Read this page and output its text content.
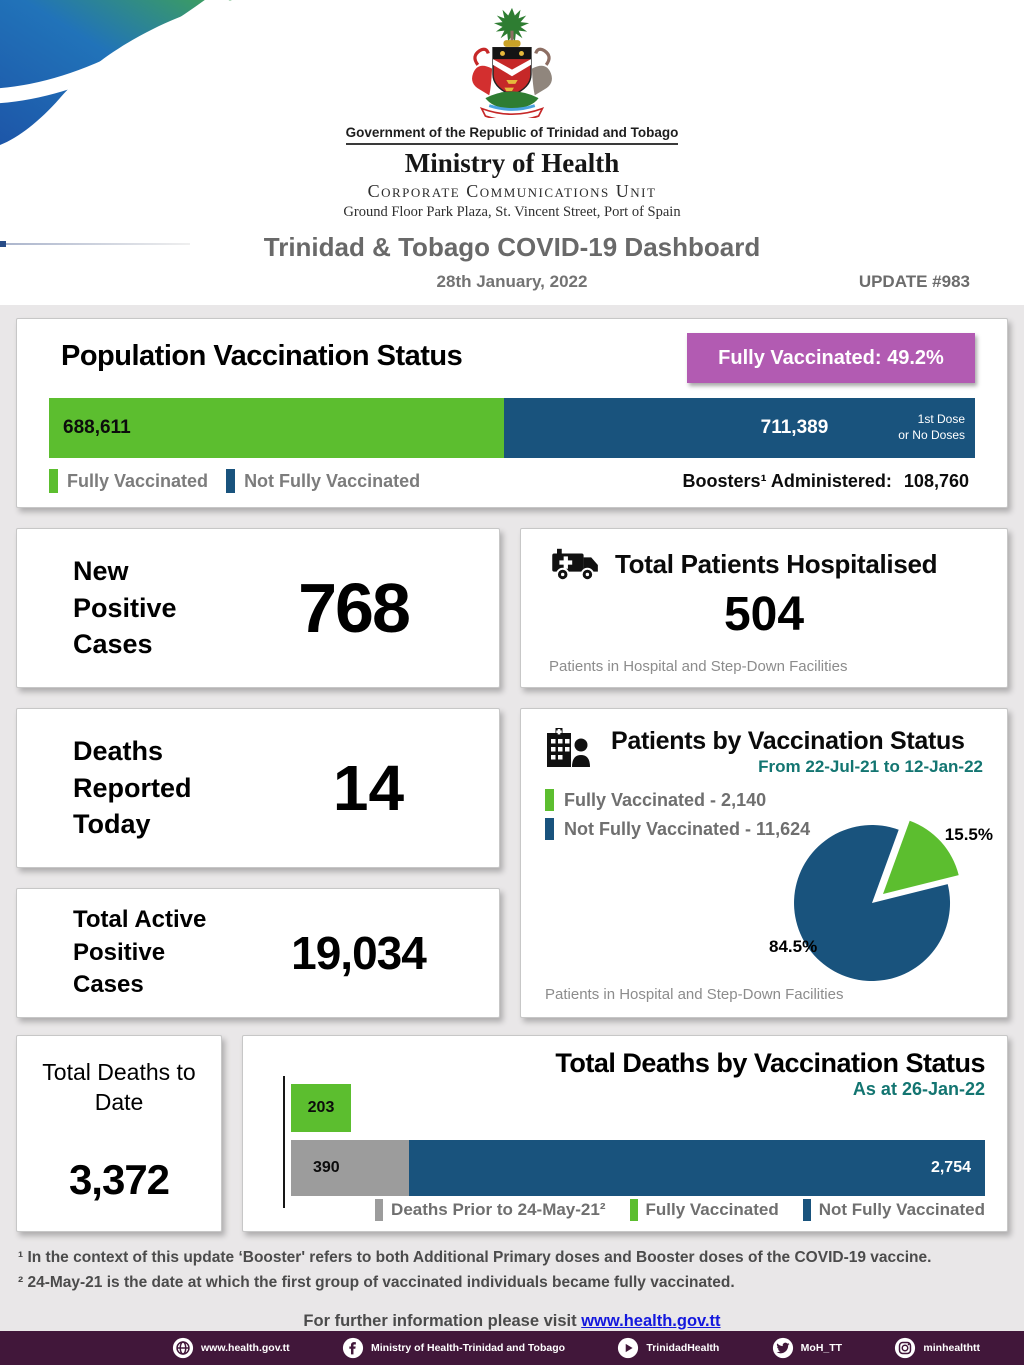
Government of the Republic of Trinidad and Tobago
Ministry of Health
Corporate Communications Unit
Ground Floor Park Plaza, St. Vincent Street, Port of Spain
Trinidad & Tobago COVID-19 Dashboard
28th January, 2022	UPDATE #983
Population Vaccination Status	Fully Vaccinated: 49.2%
688,611	711,389	1st Dose
or No Doses
Fully Vaccinated Not Fully Vaccinated	Boosters¹ Administered: 108,760
New Positive Cases	768
Total Patients Hospitalised
504
Patients in Hospital and Step-Down Facilities
Deaths Reported Today
14
Total Active Positive Cases
19,034
Patients by Vaccination Status
From 22-Jul-21 to 12-Jan-22
Fully Vaccinated - 2,140
Not Fully Vaccinated - 11,624	15.5%
84.5%
Patients in Hospital and Step-Down Facilities
Total Deaths to Date
3,372
Total Deaths by Vaccination Status
As at 26-Jan-22
203
390	2,754
Deaths Prior to 24-May-21² Fully Vaccinated Not Fully Vaccinated
¹ In the context of this update ‘Booster' refers to both Additional Primary doses and Booster doses of the COVID-19 vaccine.
² 24-May-21 is the date at which the first group of vaccinated individuals became fully vaccinated.
For further information please visit www.health.gov.tt
www.health.gov.tt	Ministry of Health-Trinidad and Tobago	TrinidadHealth	MoH_TT	minhealthtt
